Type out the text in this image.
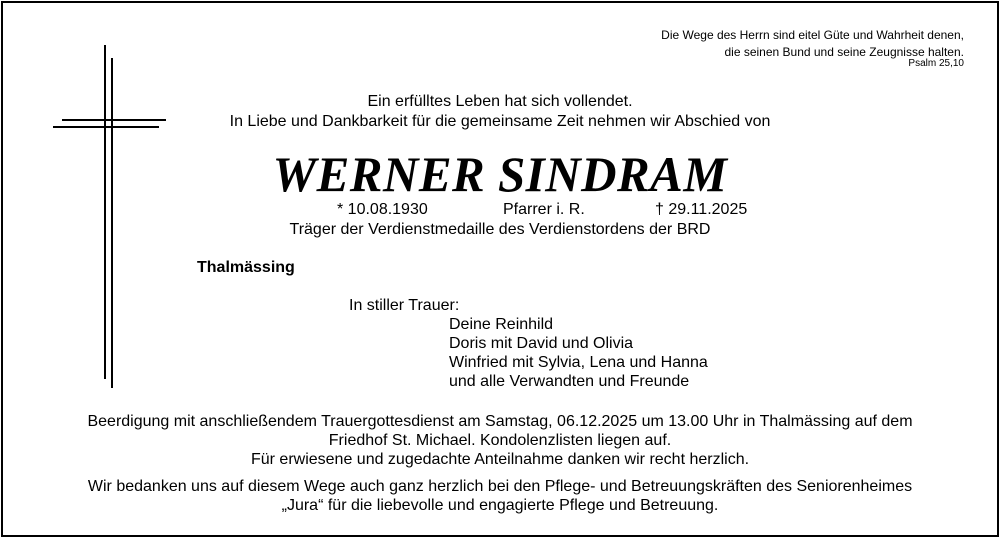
Die Wege des Herrn sind eitel Güte und Wahrheit denen,
die seinen Bund und seine Zeugnisse halten.
Psalm 25,10
Ein erfülltes Leben hat sich vollendet.
In Liebe und Dankbarkeit für die gemeinsame Zeit nehmen wir Abschied von
WERNER SINDRAM
* 10.08.1930	Pfarrer i. R.	† 29.11.2025
Träger der Verdienstmedaille des Verdienstordens der BRD
Thalmässing
In stiller Trauer:
Deine Reinhild
Doris mit David und Olivia
Winfried mit Sylvia, Lena und Hanna
und alle Verwandten und Freunde
Beerdigung mit anschließendem Trauergottesdienst am Samstag, 06.12.2025 um 13.00 Uhr in Thalmässing auf dem
Friedhof St. Michael. Kondolenzlisten liegen auf.
Für erwiesene und zugedachte Anteilnahme danken wir recht herzlich.
Wir bedanken uns auf diesem Wege auch ganz herzlich bei den Pflege- und Betreuungskräften des Seniorenheimes
„Jura“ für die liebevolle und engagierte Pflege und Betreuung.
